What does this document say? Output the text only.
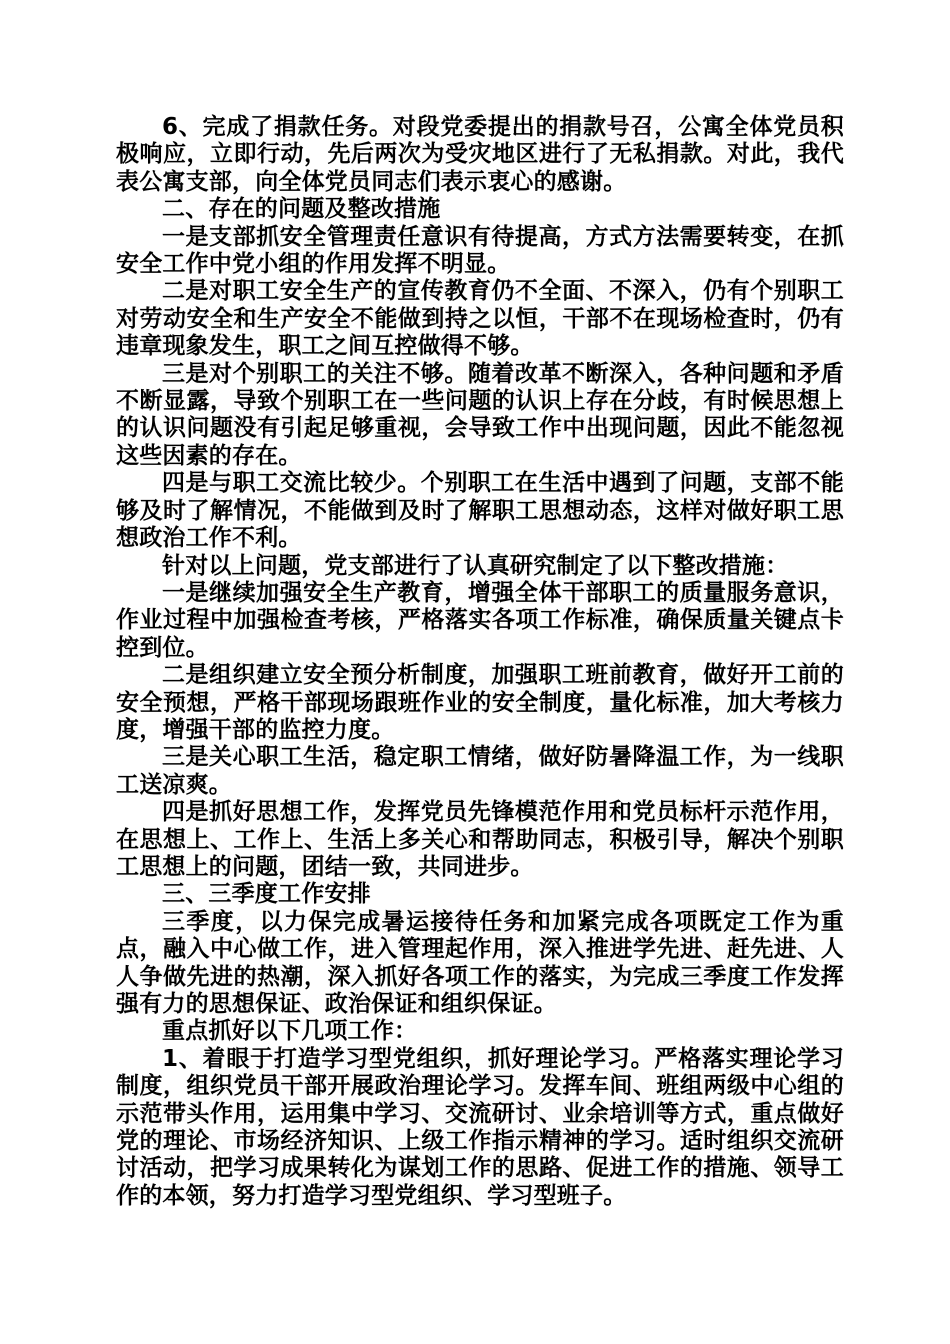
6、完成了捐款任务。对段党委提出的捐款号召，公寓全体党员积极响应，立即行动，先后两次为受灾地区进行了无私捐款。对此，我代表公寓支部，向全体党员同志们表示衷心的感谢。

二、存在的问题及整改措施

一是支部抓安全管理责任意识有待提高，方式方法需要转变，在抓安全工作中党小组的作用发挥不明显。

二是对职工安全生产的宣传教育仍不全面、不深入，仍有个别职工对劳动安全和生产安全不能做到持之以恒，干部不在现场检查时，仍有违章现象发生，职工之间互控做得不够。

三是对个别职工的关注不够。随着改革不断深入，各种问题和矛盾不断显露，导致个别职工在一些问题的认识上存在分歧，有时候思想上的认识问题没有引起足够重视，会导致工作中出现问题，因此不能忽视这些因素的存在。

四是与职工交流比较少。个别职工在生活中遇到了问题，支部不能够及时了解情况，不能做到及时了解职工思想动态，这样对做好职工思想政治工作不利。

针对以上问题，党支部进行了认真研究制定了以下整改措施：

一是继续加强安全生产教育，增强全体干部职工的质量服务意识，作业过程中加强检查考核，严格落实各项工作标准，确保质量关键点卡控到位。

二是组织建立安全预分析制度，加强职工班前教育，做好开工前的安全预想，严格干部现场跟班作业的安全制度，量化标准，加大考核力度，增强干部的监控力度。

三是关心职工生活，稳定职工情绪，做好防暑降温工作，为一线职工送凉爽。

四是抓好思想工作，发挥党员先锋模范作用和党员标杆示范作用，在思想上、工作上、生活上多关心和帮助同志，积极引导，解决个别职工思想上的问题，团结一致，共同进步。

三、三季度工作安排

三季度，以力保完成暑运接待任务和加紧完成各项既定工作为重点，融入中心做工作，进入管理起作用，深入推进学先进、赶先进、人人争做先进的热潮，深入抓好各项工作的落实，为完成三季度工作发挥强有力的思想保证、政治保证和组织保证。

重点抓好以下几项工作：

1、着眼于打造学习型党组织，抓好理论学习。严格落实理论学习制度，组织党员干部开展政治理论学习。发挥车间、班组两级中心组的示范带头作用，运用集中学习、交流研讨、业余培训等方式，重点做好党的理论、市场经济知识、上级工作指示精神的学习。适时组织交流研讨活动，把学习成果转化为谋划工作的思路、促进工作的措施、领导工作的本领，努力打造学习型党组织、学习型班子。
